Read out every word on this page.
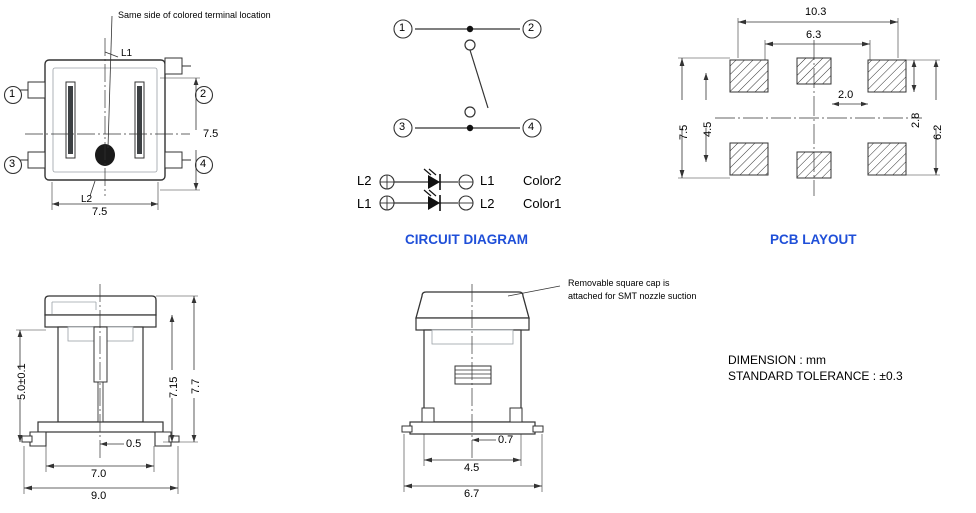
Same side of colored terminal location
L1
L2
1	2
3	4
7.5
7.5
1	2
3	4
L1	L2 Color1
L2	L1 Color2
CIRCUIT DIAGRAM
10.3
6.3
2.0
7.5 4.5
2.8
6.2
PCB LAYOUT
5.0±0.1	7.15 7.7
0.5
7.0
9.0
Removable square cap is
attached for SMT nozzle suction
0.7
4.5
6.7
DIMENSION : mm
STANDARD TOLERANCE : ±0.3
